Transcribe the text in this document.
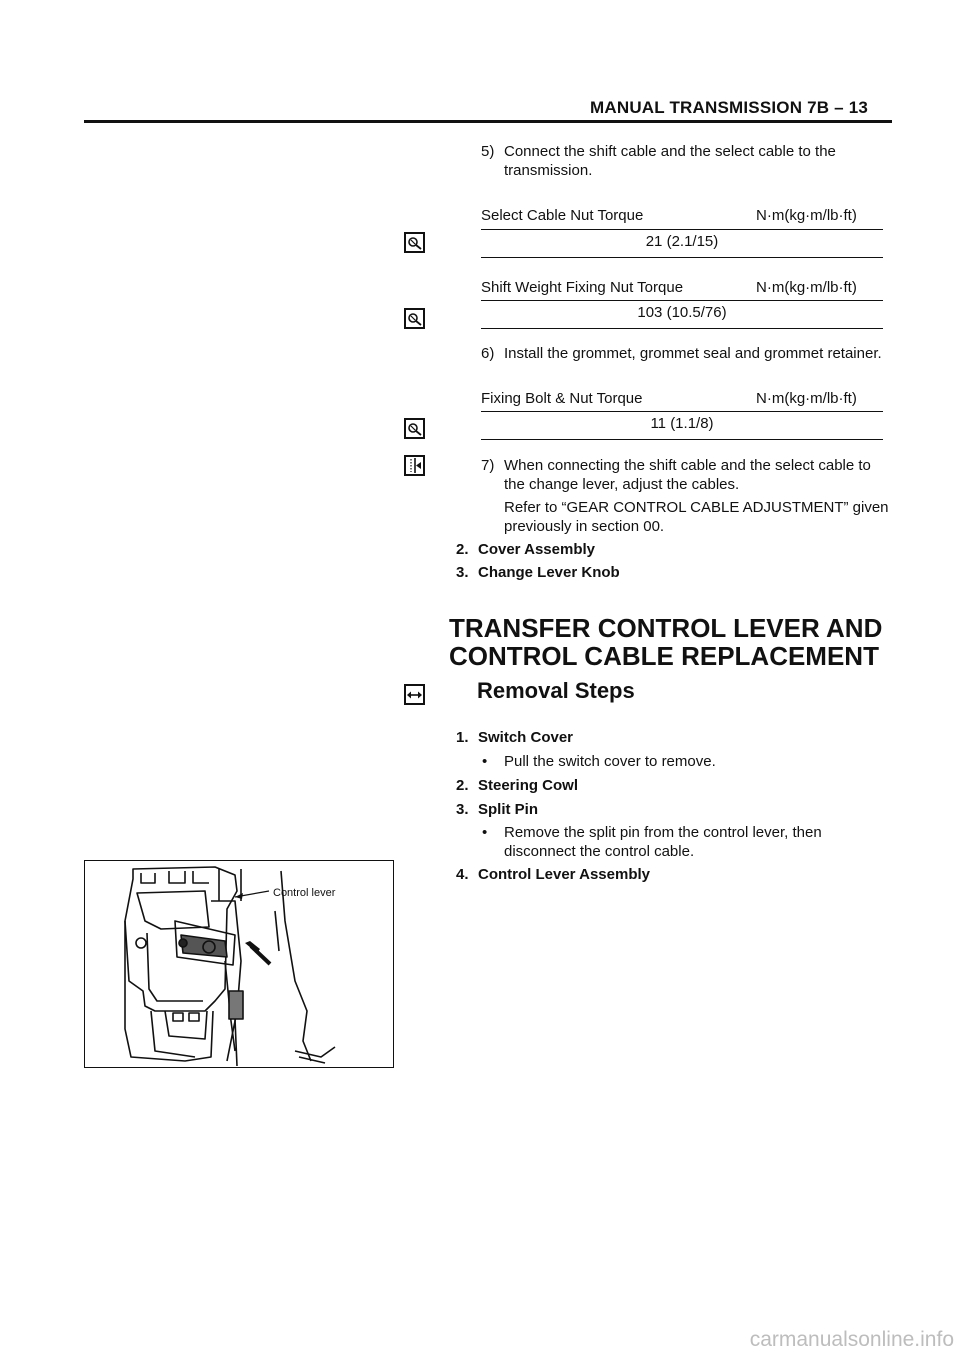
MANUAL TRANSMISSION 7B – 13
5) Connect the shift cable and the select cable to the transmission.
Select Cable Nut Torque	N·m(kg·m/lb·ft)
21 (2.1/15)
Shift Weight Fixing Nut Torque	N·m(kg·m/lb·ft)
103 (10.5/76)
6) Install the grommet, grommet seal and grommet retainer.
Fixing Bolt & Nut Torque	N·m(kg·m/lb·ft)
11 (1.1/8)
7) When connecting the shift cable and the select cable to the change lever, adjust the cables.
Refer to “GEAR CONTROL CABLE ADJUSTMENT” given previously in section 00.
2. Cover Assembly
3. Change Lever Knob
TRANSFER CONTROL LEVER AND
CONTROL CABLE REPLACEMENT
Removal Steps
1. Switch Cover
• Pull the switch cover to remove.
2. Steering Cowl
3. Split Pin
• Remove the split pin from the control lever, then disconnect the control cable.
4. Control Lever Assembly
Control lever
carmanualsonline.info
